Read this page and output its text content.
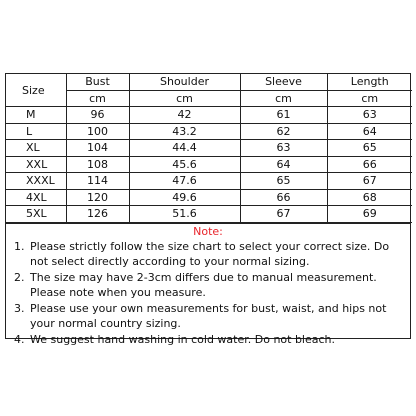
Size	Bust	Shoulder	Sleeve	Length
	cm	cm	cm	cm
M	96	42	61	63
L	100	43.2	62	64
XL	104	44.4	63	65
XXL	108	45.6	64	66
XXXL	114	47.6	65	67
4XL	120	49.6	66	68
5XL	126	51.6	67	69
Note:
1. Please strictly follow the size chart to select your correct size. Do not select directly according to your normal sizing.
2. The size may have 2-3cm differs due to manual measurement. Please note when you measure.
3. Please use your own measurements for bust, waist, and hips not your normal country sizing.
4. We suggest hand washing in cold water. Do not bleach.
